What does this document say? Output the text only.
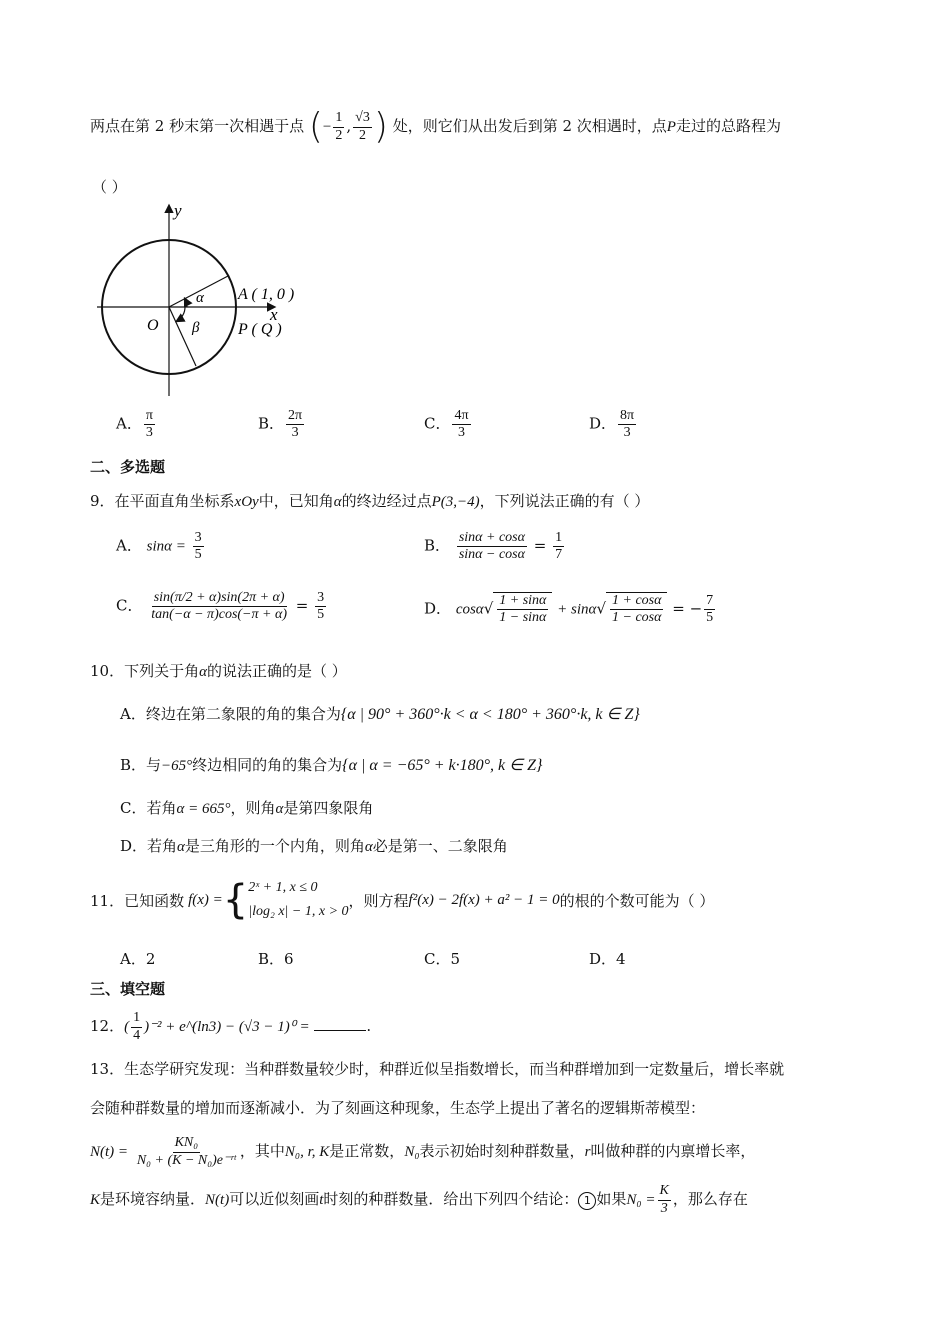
两点在第 2 秒末第一次相遇于点 (− $\frac{1}{2}$ , $\frac{√3}{2}$ ) 处，则它们从出发后到第 2 次相遇时，点P走过的总路程为
（ ）
y
x
O
α
β
A ( 1, 0 )
P ( Q )
A． $\frac{\pi}{3}$	B． $\frac{2\pi}{3}$	C． $\frac{4\pi}{3}$	D． $\frac{8\pi}{3}$
二、多选题
9．在平面直角坐标系xOy中，已知角α的终边经过点P(3,−4)，下列说法正确的有（ ）
A． $\sin\alpha = \frac{3}{5}$	B． $\frac{\sin\alpha + \cos\alpha}{\sin\alpha - \cos\alpha} = \frac{1}{7}$
C． $\frac{\sin(\pi/2 + \alpha)\sin(2\pi + \alpha)}{\tan(-\alpha - \pi)\cos(-\pi + \alpha)} = \frac{3}{5}$	D． $\cos\alpha√ \frac{1 + \sin\alpha}{1 - \sin\alpha} + \sin\alpha√ \frac{1 + \cos\alpha}{1 - \cos\alpha}$ = − $\frac{7}{5}$
10．下列关于角α的说法正确的是（ ）
A．终边在第二象限的角的集合为{α | 90° + 360°·k < α < 180° + 360°·k, k ∈ Z}
B．与−65°终边相同的角的集合为{α | α = −65° + k·180°, k ∈ Z}
C．若角α = 665°，则角α是第四象限角
D．若角α是三角形的一个内角，则角α必是第一、二象限角
11．已知函数 f(x) = { 2ˣ + 1, x ≤ 0
|log₂ x| − 1, x > 0
，则方程 f²(x) − 2f(x) + a² − 1 = 0 的根的个数可能为（ ）
A．2	B．6	C．5	D．4
三、填空题
12．( $\frac{1}{4} )^{-2}$ + e^(ln3) − (√3 − 1)⁰ =	.
13．生态学研究发现：当种群数量较少时，种群近似呈指数增长，而当种群增加到一定数量后，增长率就
会随种群数量的增加而逐渐减小．为了刻画这种现象，生态学上提出了著名的逻辑斯蒂模型：
$N(t) = \frac{\text{KN₀}}{\text{N₀ + (K − N₀)e⁻ʳᵗ}}$ ，其中N₀, r, K是正常数，N₀表示初始时刻种群数量，r叫做种群的内禀增长率，
K是环境容纳量．N(t)可以近似刻画t时刻的种群数量．给出下列四个结论： 1 如果$N_0 = \frac{K}{3}$ ，那么存在
